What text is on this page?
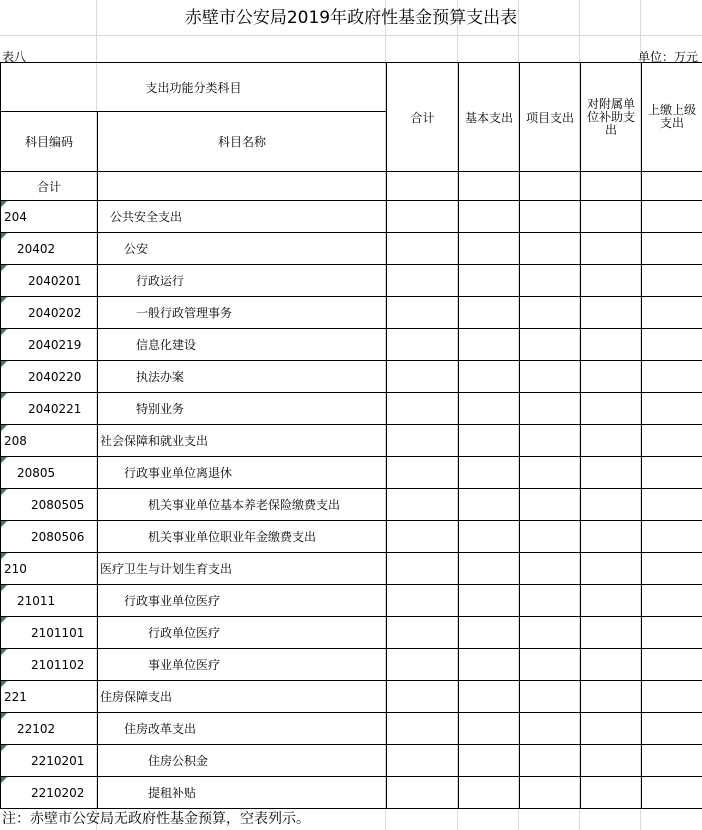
赤壁市公安局2019年政府性基金预算支出表
表八	单位：万元
支出功能分类科目		合计	基本支出	项目支出	对附属单位补助支出	上缴上级支出
科目编码	科目名称					
合计						

204	公共安全支出					

20402	公安					

2040201	行政运行					

2040202	一般行政管理事务					

2040219	信息化建设					

2040220	执法办案					

2040221	特别业务					

208	社会保障和就业支出					

20805	行政事业单位离退休					

2080505	机关事业单位基本养老保险缴费支出					

2080506	机关事业单位职业年金缴费支出					

210	医疗卫生与计划生育支出					

21011	行政事业单位医疗					

2101101	行政单位医疗					

2101102	事业单位医疗					

221	住房保障支出					

22102	住房改革支出					

2210201	住房公积金					

2210202	提租补贴					
注：赤壁市公安局无政府性基金预算，空表列示。
